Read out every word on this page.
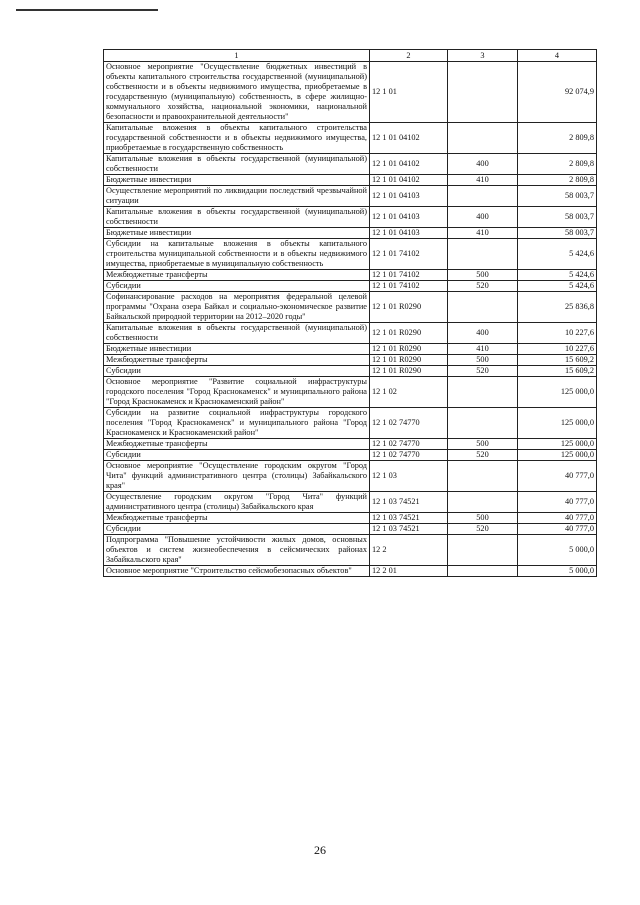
1	2	3	4
Основное мероприятие "Осуществление бюджетных инвестиций в объекты капитального строительства государственной (муниципальной) собственности и в объекты недвижимого имущества, приобретаемые в государственную (муниципальную) собственность, в сфере жилищно-коммунального хозяйства, национальной экономики, национальной безопасности и правоохранительной деятельности"	12 1 01		92 074,9
Капитальные вложения в объекты капитального строительства государственной собственности и в объекты недвижимого имущества, приобретаемые в государственную собственность	12 1 01 04102		2 809,8
Капитальные вложения в объекты государственной (муниципальной) собственности	12 1 01 04102	400	2 809,8
Бюджетные инвестиции	12 1 01 04102	410	2 809,8
Осуществление мероприятий по ликвидации последствий чрезвычайной ситуации	12 1 01 04103		58 003,7
Капитальные вложения в объекты государственной (муниципальной) собственности	12 1 01 04103	400	58 003,7
Бюджетные инвестиции	12 1 01 04103	410	58 003,7
Субсидии на капитальные вложения в объекты капитального строительства муниципальной собственности и в объекты недвижимого имущества, приобретаемые в муниципальную собственность	12 1 01 74102		5 424,6
Межбюджетные трансферты	12 1 01 74102	500	5 424,6
Субсидии	12 1 01 74102	520	5 424,6
Софинансирование расходов на мероприятия федеральной целевой программы "Охрана озера Байкал и социально-экономическое развитие Байкальской природной территории на 2012–2020 годы"	12 1 01 R0290		25 836,8
Капитальные вложения в объекты государственной (муниципальной) собственности	12 1 01 R0290	400	10 227,6
Бюджетные инвестиции	12 1 01 R0290	410	10 227,6
Межбюджетные трансферты	12 1 01 R0290	500	15 609,2
Субсидии	12 1 01 R0290	520	15 609,2
Основное мероприятие "Развитие социальной инфраструктуры городского поселения "Город Краснокаменск" и муниципального района "Город Краснокаменск и Краснокаменский район"	12 1 02		125 000,0
Субсидии на развитие социальной инфраструктуры городского поселения "Город Краснокаменск" и муниципального района "Город Краснокаменск и Краснокаменский район"	12 1 02 74770		125 000,0
Межбюджетные трансферты	12 1 02 74770	500	125 000,0
Субсидии	12 1 02 74770	520	125 000,0
Основное мероприятие "Осуществление городским округом "Город Чита" функций административного центра (столицы) Забайкальского края"	12 1 03		40 777,0
Осуществление городским округом "Город Чита" функций административного центра (столицы) Забайкальского края	12 1 03 74521		40 777,0
Межбюджетные трансферты	12 1 03 74521	500	40 777,0
Субсидии	12 1 03 74521	520	40 777,0
Подпрограмма "Повышение устойчивости жилых домов, основных объектов и систем жизнеобеспечения в сейсмических районах Забайкальского края"	12 2		5 000,0
Основное мероприятие "Строительство сейсмобезопасных объектов"	12 2 01		5 000,0
26
